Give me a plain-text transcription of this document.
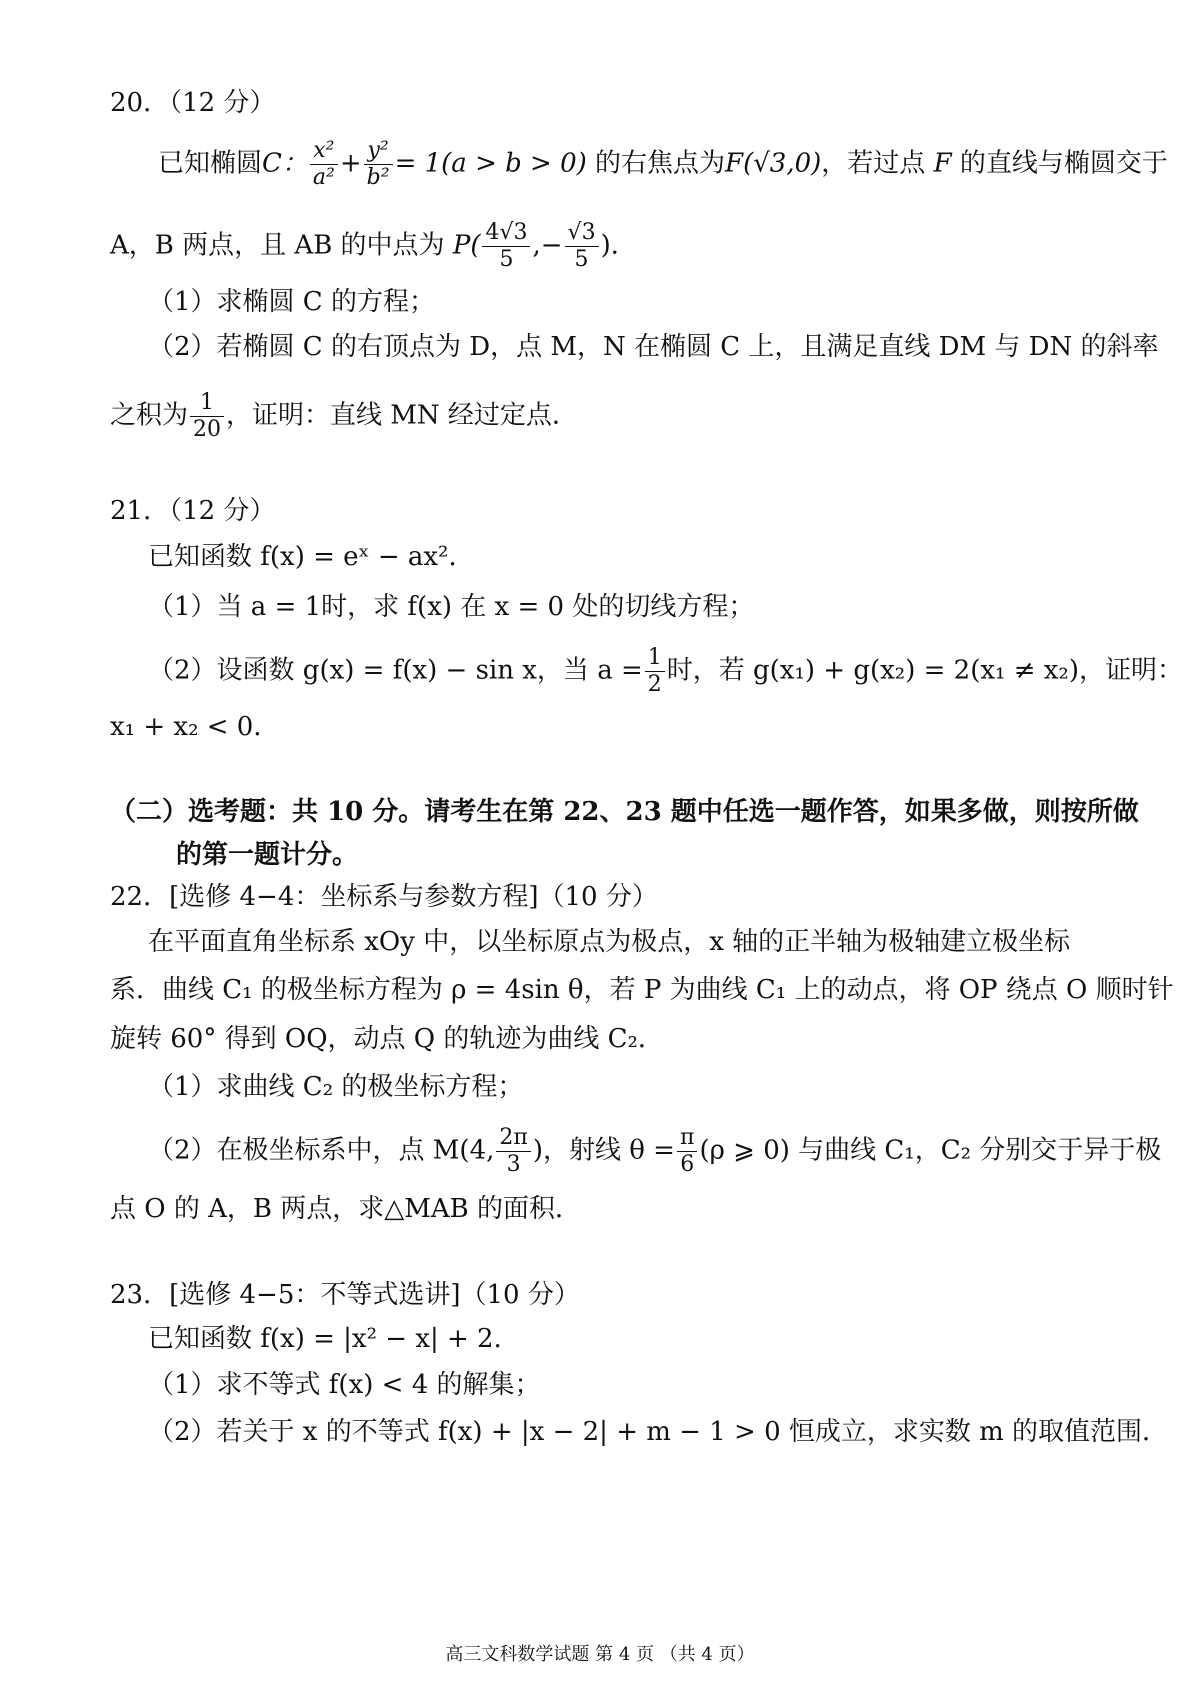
20．（12 分）
已知椭圆C： $\frac{\text{x²}}{\text{a²}} + \frac{\text{y²}}{\text{b²}} = 1(a > b > 0)$ 的右焦点为F(√3,0)，若过点 F 的直线与椭圆交于
A，B 两点，且 AB 的中点为 $P( \frac{4√3}{5}$ ,− $\frac{√3}{5}$ )．
（1）求椭圆 C 的方程；
（2）若椭圆 C 的右顶点为 D，点 M，N 在椭圆 C 上，且满足直线 DM 与 DN 的斜率
之积为 $\frac{1}{20}$ ，证明：直线 MN 经过定点．
21．（12 分）
已知函数 f(x) = eˣ − ax²．
（1）当 a = 1时，求 f(x) 在 x = 0 处的切线方程；
（2）设函数 g(x) = f(x) − sin x，当 $a = \frac{1}{2}$ 时，若 g(x₁) + g(x₂) = 2(x₁ ≠ x₂)，证明：
x₁ + x₂ < 0．
（二）选考题：共 10 分。请考生在第 22、23 题中任选一题作答，如果多做，则按所做
的第一题计分。
22．[选修 4−4：坐标系与参数方程]（10 分）
在平面直角坐标系 xOy 中，以坐标原点为极点，x 轴的正半轴为极轴建立极坐标
系．曲线 C₁ 的极坐标方程为 ρ = 4sin θ，若 P 为曲线 C₁ 上的动点，将 OP 绕点 O 顺时针
旋转 60° 得到 OQ，动点 Q 的轨迹为曲线 C₂．
（1）求曲线 C₂ 的极坐标方程；
（2）在极坐标系中，点 M(4, $\frac{2\pi}{3}$ )，射线 $\theta = \frac{\pi}{6} (\rho$ ⩾ 0) 与曲线 C₁，C₂ 分别交于异于极
点 O 的 A，B 两点，求△MAB 的面积．
23．[选修 4−5：不等式选讲]（10 分）
已知函数 f(x) = |x² − x| + 2．
（1）求不等式 f(x) < 4 的解集；
（2）若关于 x 的不等式 f(x) + |x − 2| + m − 1 > 0 恒成立，求实数 m 的取值范围．
高三文科数学试题 第 4 页 （共 4 页）
